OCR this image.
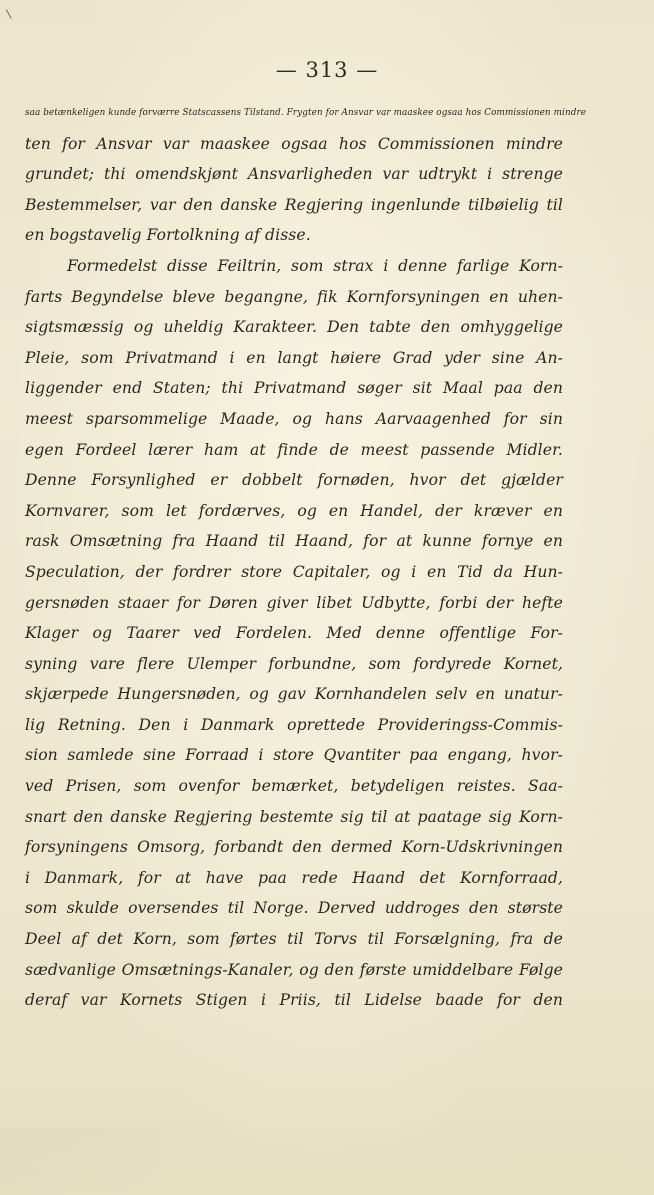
— 313 —
saa betænkeligen kunde forværre Statscassens Tilstand. Frygten for Ansvar var maaskee ogsaa hos Commissionen mindre
ten for Ansvar var maaskee ogsaa hos Commissionen mindre
grundet; thi omendskjønt Ansvarligheden var udtrykt i strenge
Bestemmelser, var den danske Regjering ingenlunde tilbøielig til
en bogstavelig Fortolkning af disse.
Formedelst disse Feiltrin, som strax i denne farlige Korn-
farts Begyndelse bleve begangne, fik Kornforsyningen en uhen-
sigtsmæssig og uheldig Karakteer. Den tabte den omhyggelige
Pleie, som Privatmand i en langt høiere Grad yder sine An-
liggender end Staten; thi Privatmand søger sit Maal paa den
meest sparsommelige Maade, og hans Aarvaagenhed for sin
egen Fordeel lærer ham at finde de meest passende Midler.
Denne Forsynlighed er dobbelt fornøden, hvor det gjælder
Kornvarer, som let fordærves, og en Handel, der kræver en
rask Omsætning fra Haand til Haand, for at kunne fornye en
Speculation, der fordrer store Capitaler, og i en Tid da Hun-
gersnøden staaer for Døren giver libet Udbytte, forbi der hefte
Klager og Taarer ved Fordelen. Med denne offentlige For-
syning vare flere Ulemper forbundne, som fordyrede Kornet,
skjærpede Hungersnøden, og gav Kornhandelen selv en unatur-
lig Retning. Den i Danmark oprettede Provideringss-Commis-
sion samlede sine Forraad i store Qvantiter paa engang, hvor-
ved Prisen, som ovenfor bemærket, betydeligen reistes. Saa-
snart den danske Regjering bestemte sig til at paatage sig Korn-
forsyningens Omsorg, forbandt den dermed Korn-Udskrivningen
i Danmark, for at have paa rede Haand det Kornforraad,
som skulde oversendes til Norge. Derved uddroges den største
Deel af det Korn, som førtes til Torvs til Forsælgning, fra de
sædvanlige Omsætnings-Kanaler, og den første umiddelbare Følge
deraf var Kornets Stigen i Priis, til Lidelse baade for den
